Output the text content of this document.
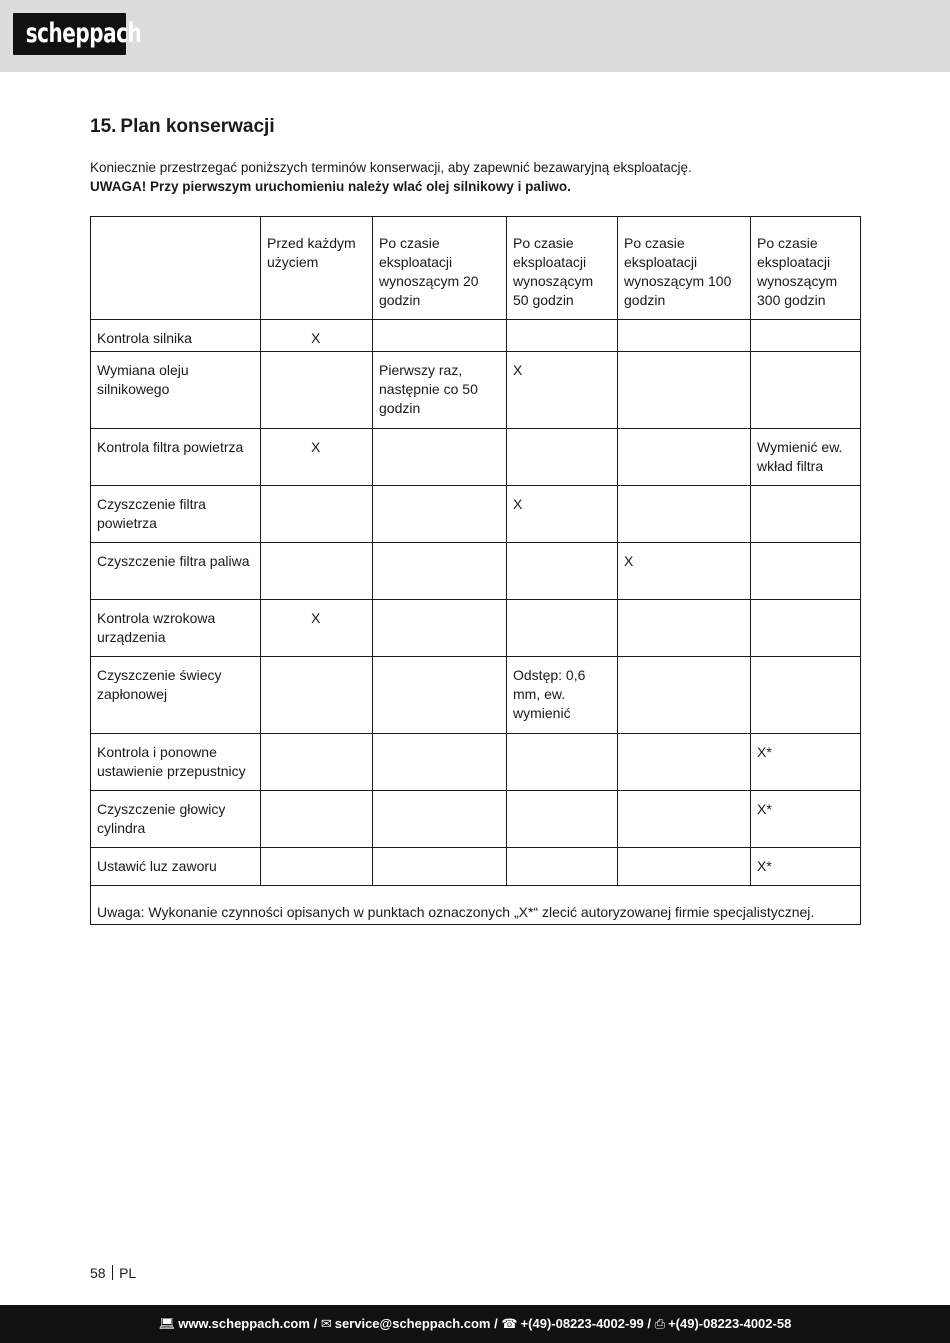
scheppach
15. Plan konserwacji
Koniecznie przestrzegać poniższych terminów konserwacji, aby zapewnić bezawaryjną eksploatację.
UWAGA! Przy pierwszym uruchomieniu należy wlać olej silnikowy i paliwo.
	Przed każdym użyciem	Po czasie eksploatacji wynoszącym 20 godzin	Po czasie eksploatacji wynoszącym 50 godzin	Po czasie eksploatacji wynoszącym 100 godzin	Po czasie eksploatacji wynoszącym 300 godzin
Kontrola silnika	X				
Wymiana oleju silnikowego		Pierwszy raz, następnie co 50 godzin	X		
Kontrola filtra powietrza	X				Wymienić ew. wkład filtra
Czyszczenie filtra powietrza			X		
Czyszczenie filtra paliwa				X	
Kontrola wzrokowa urządzenia	X				
Czyszczenie świecy zapłonowej			Odstęp: 0,6 mm, ew. wymienić		
Kontrola i ponowne ustawienie przepustnicy					X*
Czyszczenie głowicy cylindra					X*
Ustawić luz zaworu					X*
Uwaga: Wykonanie czynności opisanych w punktach oznaczonych „X*“ zlecić autoryzowanej firmie specjalistycznej.					
58 PL
💻︎ www.scheppach.com / ✉︎ service@scheppach.com / ☎ +(49)-08223-4002-99 / ⎙ +(49)-08223-4002-58
